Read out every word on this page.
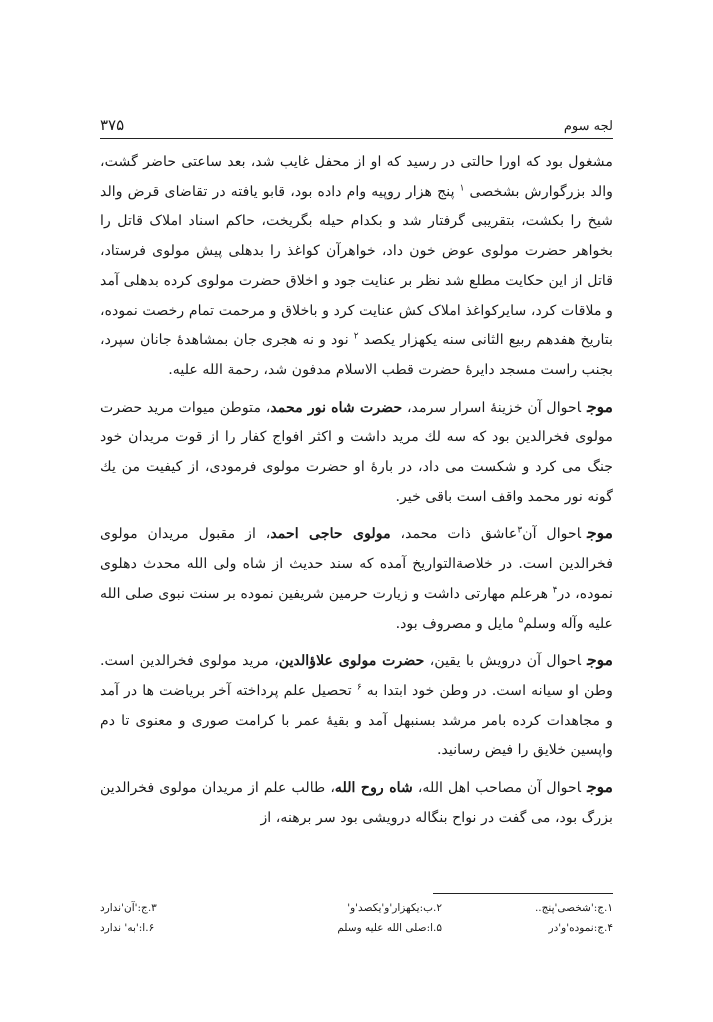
لجه سوم
۳۷۵

مشغول بود که اورا حالتی در رسید که او از محفل غایب شد، بعد ساعتی حاضر گشت، والد بزرگوارش بشخصی $^۱$ پنج هزار روپیه وام داده بود، قابو یافته در تقاضای قرض والد شیخ را بکشت، بتقریبی گرفتار شد و بکدام حیله بگریخت، حاکم اسناد املاک قاتل را بخواهر حضرت مولوی عوض خون داد، خواهرآن کواغذ را بدهلی پیش مولوی فرستاد، قاتل از این حکایت مطلع شد نظر بر عنایت جود و اخلاق حضرت مولوی کرده بدهلی آمد و ملاقات کرد، سایرکواغذ املاک کش عنایت کرد و باخلاق و مرحمت تمام رخصت نموده، بتاریخ هفدهم ربیع الثانی سنه یکهزار یکصد $^۲$ نود و نه هجری جان بمشاهدهٔ جانان سپرد، بجنب راست مسجد دایرهٔ حضرت قطب الاسلام مدفون شد، رحمة الله علیه.

موجاحوال آن خزینهٔ اسرار سرمد، حضرت شاه نور محمد، متوطن میوات مرید حضرت مولوی فخرالدین بود که سه لك مرید داشت و اکثر افواج کفار را از قوت مریدان خود جنگ می کرد و شکست می داد، در بارهٔ او حضرت مولوی فرمودی، از کیفیت من یك گونه نور محمد واقف است باقی خیر.

موجاحوال آن$^۳$عاشق ذات محمد، مولوی حاجی احمد، از مقبول مریدان مولوی فخرالدین است. در خلاصةالتواریخ آمده که سند حدیث از شاه ولی الله محدث دهلوی نموده، در$^۴$ هرعلم مهارتی داشت و زیارت حرمین شریفین نموده بر سنت نبوی صلی الله علیه وآله وسلم$^۵$ مایل و مصروف بود.

موجاحوال آن درویش با یقین، حضرت مولوی علاؤالدین، مرید مولوی فخرالدین است. وطن او سیانه است. در وطن خود ابتدا به $^۶$ تحصیل علم پرداخته آخر بریاضت ها در آمد و مجاهدات کرده بامر مرشد بسنبهل آمد و بقیهٔ عمر با کرامت صوری و معنوی تا دم واپسین خلایق را فیض رسانید.

موجاحوال آن مصاحب اهل الله، شاه روح الله، طالب علم از مریدان مولوی فخرالدین بزرگ بود، می گفت در نواح بنگاله درویشی بود سر برهنه، از

۱.ج:'شخصی'پنج..
۲.ب:یکهزار'و'یکصد'و'
۳.ج:'آن'ندارد
۴.ج:نموده'و'در
۵.ا:صلی الله علیه وسلم
۶.ا:'به' ندارد
